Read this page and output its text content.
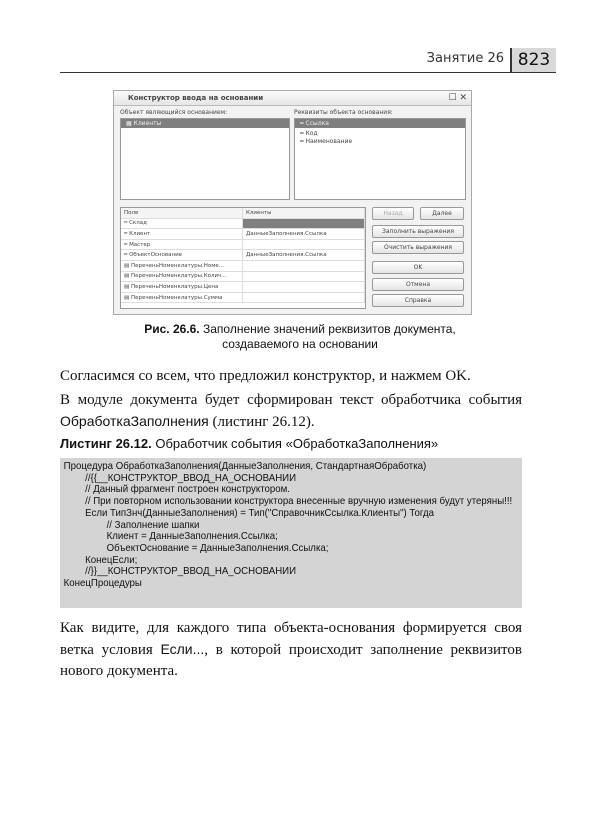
Занятие 26 823
Конструктор ввода на основании	☐ ✕
Объект являющийся основанием:
▦ Клиенты
Реквизиты объекта основания:
═ Ссылка
═ Код
═ Наименование
Поле	Клиенты
═ Склад	
═ Клиент	ДанныеЗаполнения.Ссылка
═ Мастер	
═ ОбъектОснование	ДанныеЗаполнения.Ссылка
▤ ПереченьНоменклатуры.Номе...	
▤ ПереченьНоменклатуры.Колич...	
▤ ПереченьНоменклатуры.Цена	
▤ ПереченьНоменклатуры.Сумма	
Назад	Далее
Заполнить выражения
Очистить выражения
OK
Отмена
Справка
Рис. 26.6. Заполнение значений реквизитов документа,
создаваемого на основании
Согласимся со всем, что предложил конструктор, и нажмем OK.
В модуле документа будет сформирован текст обработчика события ОбработкаЗаполнения (листинг 26.12).
Листинг 26.12. Обработчик события «ОбработкаЗаполнения»
Процедура ОбработкаЗаполнения(ДанныеЗаполнения, СтандартнаяОбработка)
//{{__КОНСТРУКТОР_ВВОД_НА_ОСНОВАНИИ
// Данный фрагмент построен конструктором.
// При повторном использовании конструктора внесенные вручную изменения будут утеряны!!!
Если ТипЗнч(ДанныеЗаполнения) = Тип("СправочникСсылка.Клиенты") Тогда
// Заполнение шапки
Клиент = ДанныеЗаполнения.Ссылка;
ОбъектОснование = ДанныеЗаполнения.Ссылка;
КонецЕсли;
//}}__КОНСТРУКТОР_ВВОД_НА_ОСНОВАНИИ
КонецПроцедуры
Как видите, для каждого типа объекта-основания формируется своя ветка условия Если..., в которой происходит заполнение реквизитов нового документа.
